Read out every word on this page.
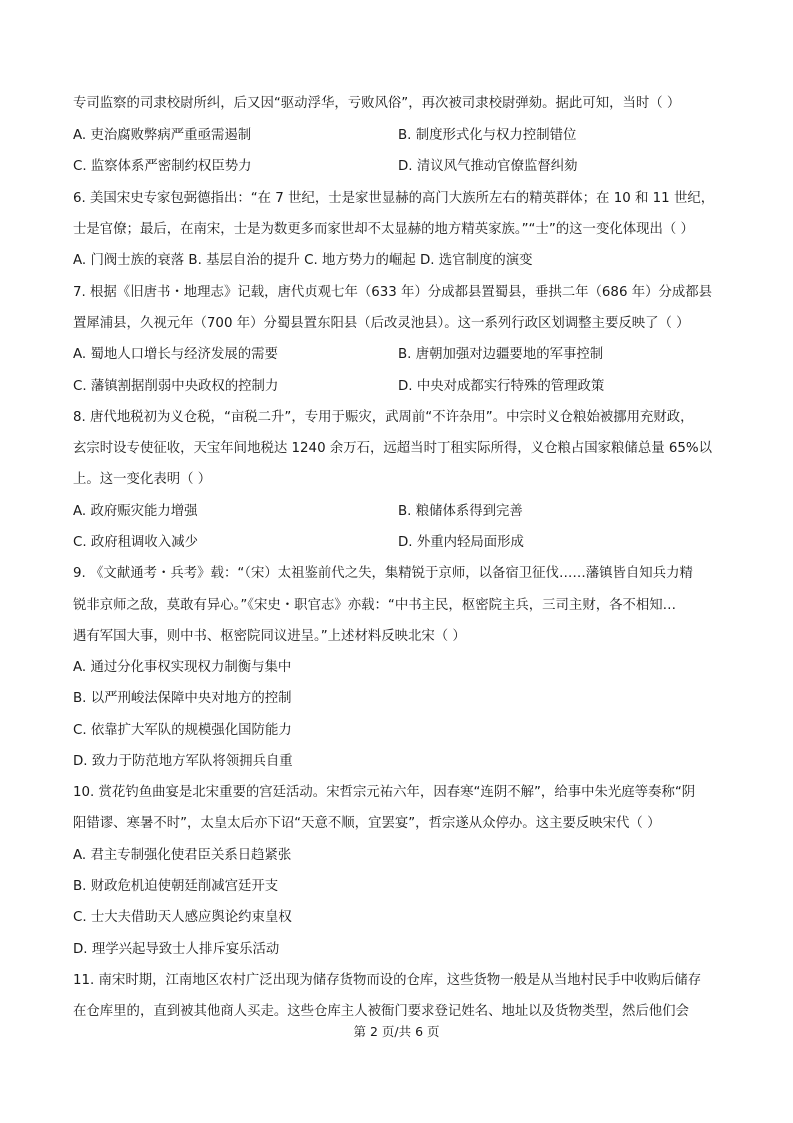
专司监察的司隶校尉所纠，后又因“驱动浮华，亏败风俗”，再次被司隶校尉弹劾。据此可知，当时（ ）
A. 吏治腐败弊病严重亟需遏制	B. 制度形式化与权力控制错位
C. 监察体系严密制约权臣势力	D. 清议风气推动官僚监督纠劾
6. 美国宋史专家包弼德指出：“在 7 世纪，士是家世显赫的高门大族所左右的精英群体；在 10 和 11 世纪，
士是官僚；最后，在南宋，士是为数更多而家世却不太显赫的地方精英家族。”“士”的这一变化体现出（ ）
A. 门阀士族的衰落 B. 基层自治的提升 C. 地方势力的崛起 D. 选官制度的演变
7. 根据《旧唐书・地理志》记载，唐代贞观七年（633 年）分成都县置蜀县，垂拱二年（686 年）分成都县
置犀浦县，久视元年（700 年）分蜀县置东阳县（后改灵池县）。这一系列行政区划调整主要反映了（ ）
A. 蜀地人口增长与经济发展的需要	B. 唐朝加强对边疆要地的军事控制
C. 藩镇割据削弱中央政权的控制力	D. 中央对成都实行特殊的管理政策
8. 唐代地税初为义仓税，“亩税二升”，专用于赈灾，武周前“不许杂用”。中宗时义仓粮始被挪用充财政，
玄宗时设专使征收，天宝年间地税达 1240 余万石，远超当时丁租实际所得，义仓粮占国家粮储总量 65%以
上。这一变化表明（ ）
A. 政府赈灾能力增强	B. 粮储体系得到完善
C. 政府租调收入减少	D. 外重内轻局面形成
9. 《文献通考・兵考》载：“（宋）太祖鉴前代之失，集精锐于京师，以备宿卫征伐……藩镇皆自知兵力精
锐非京师之敌，莫敢有异心。”《宋史・职官志》亦载：“中书主民，枢密院主兵，三司主财，各不相知…
遇有军国大事，则中书、枢密院同议进呈。”上述材料反映北宋（ ）
A. 通过分化事权实现权力制衡与集中
B. 以严刑峻法保障中央对地方的控制
C. 依靠扩大军队的规模强化国防能力
D. 致力于防范地方军队将领拥兵自重
10. 赏花钓鱼曲宴是北宋重要的宫廷活动。宋哲宗元祐六年，因春寒“连阴不解”，给事中朱光庭等奏称“阴
阳错谬、寒暑不时”，太皇太后亦下诏“天意不顺，宜罢宴”，哲宗遂从众停办。这主要反映宋代（ ）
A. 君主专制强化使君臣关系日趋紧张
B. 财政危机迫使朝廷削减宫廷开支
C. 士大夫借助天人感应舆论约束皇权
D. 理学兴起导致士人排斥宴乐活动
11. 南宋时期，江南地区农村广泛出现为储存货物而设的仓库，这些货物一般是从当地村民手中收购后储存
在仓库里的，直到被其他商人买走。这些仓库主人被衙门要求登记姓名、地址以及货物类型，然后他们会
第 2 页/共 6 页
